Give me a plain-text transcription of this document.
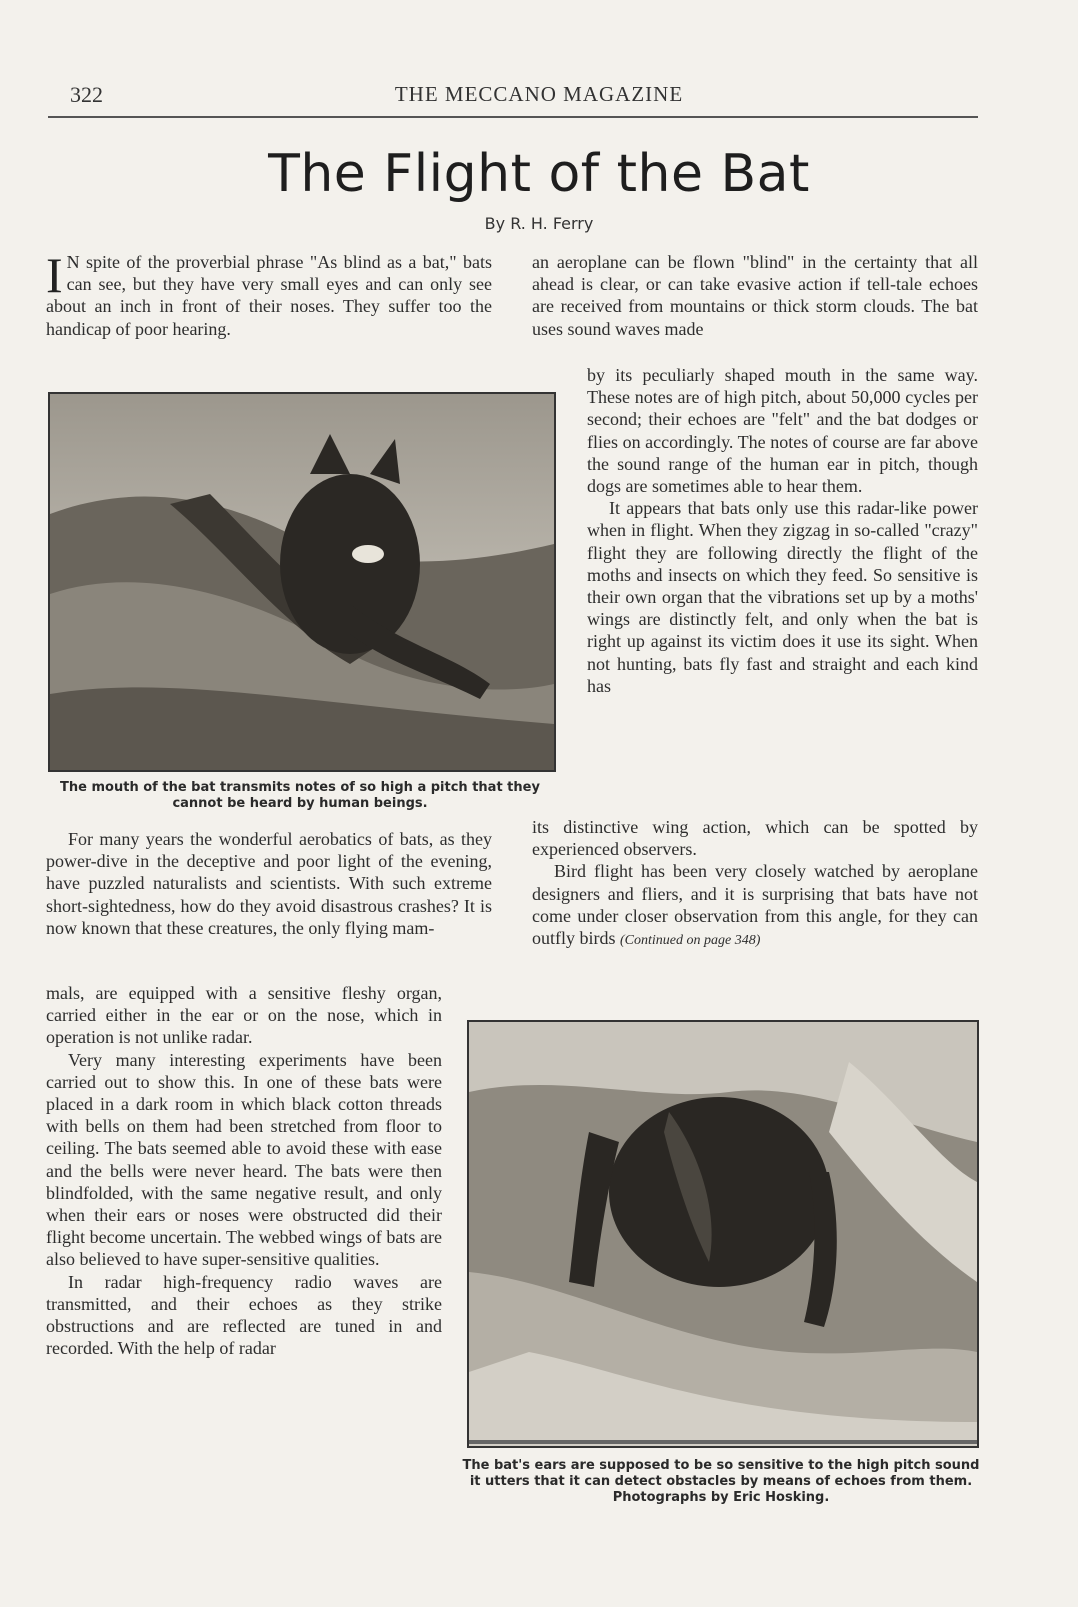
322	THE MECCANO MAGAZINE
The Flight of the Bat
By R. H. Ferry

I N spite of the proverbial phrase "As blind as a bat," bats can see, but they have very small eyes and can only see about an inch in front of their noses. They suffer too the handicap of poor hearing.

The mouth of the bat transmits notes of so high a pitch that they cannot be heard by human beings.

For many years the wonderful aerobatics of bats, as they power-dive in the deceptive and poor light of the evening, have puzzled naturalists and scientists. With such extreme short-sightedness, how do they avoid disastrous crashes? It is now known that these creatures, the only flying mam-

mals, are equipped with a sensitive fleshy organ, carried either in the ear or on the nose, which in operation is not unlike radar.

Very many interesting experiments have been carried out to show this. In one of these bats were placed in a dark room in which black cotton threads with bells on them had been stretched from floor to ceiling. The bats seemed able to avoid these with ease and the bells were never heard. The bats were then blindfolded, with the same negative result, and only when their ears or noses were obstructed did their flight become uncertain. The webbed wings of bats are also believed to have super-sensitive qualities.

In radar high-frequency radio waves are transmitted, and their echoes as they strike obstructions and are reflected are tuned in and recorded. With the help of radar

an aeroplane can be flown "blind" in the certainty that all ahead is clear, or can take evasive action if tell-tale echoes are received from mountains or thick storm clouds. The bat uses sound waves made

by its peculiarly shaped mouth in the same way. These notes are of high pitch, about 50,000 cycles per second; their echoes are "felt" and the bat dodges or flies on accordingly. The notes of course are far above the sound range of the human ear in pitch, though dogs are sometimes able to hear them.

It appears that bats only use this radar-like power when in flight. When they zigzag in so-called "crazy" flight they are following directly the flight of the moths and insects on which they feed. So sensitive is their own organ that the vibrations set up by a moths' wings are distinctly felt, and only when the bat is right up against its victim does it use its sight. When not hunting, bats fly fast and straight and each kind has

its distinctive wing action, which can be spotted by experienced observers.

Bird flight has been very closely watched by aeroplane designers and fliers, and it is surprising that bats have not come under closer observation from this angle, for they can outfly birds (Continued on page 348)

The bat's ears are supposed to be so sensitive to the high pitch sound it utters that it can detect obstacles by means of echoes from them. Photographs by Eric Hosking.
